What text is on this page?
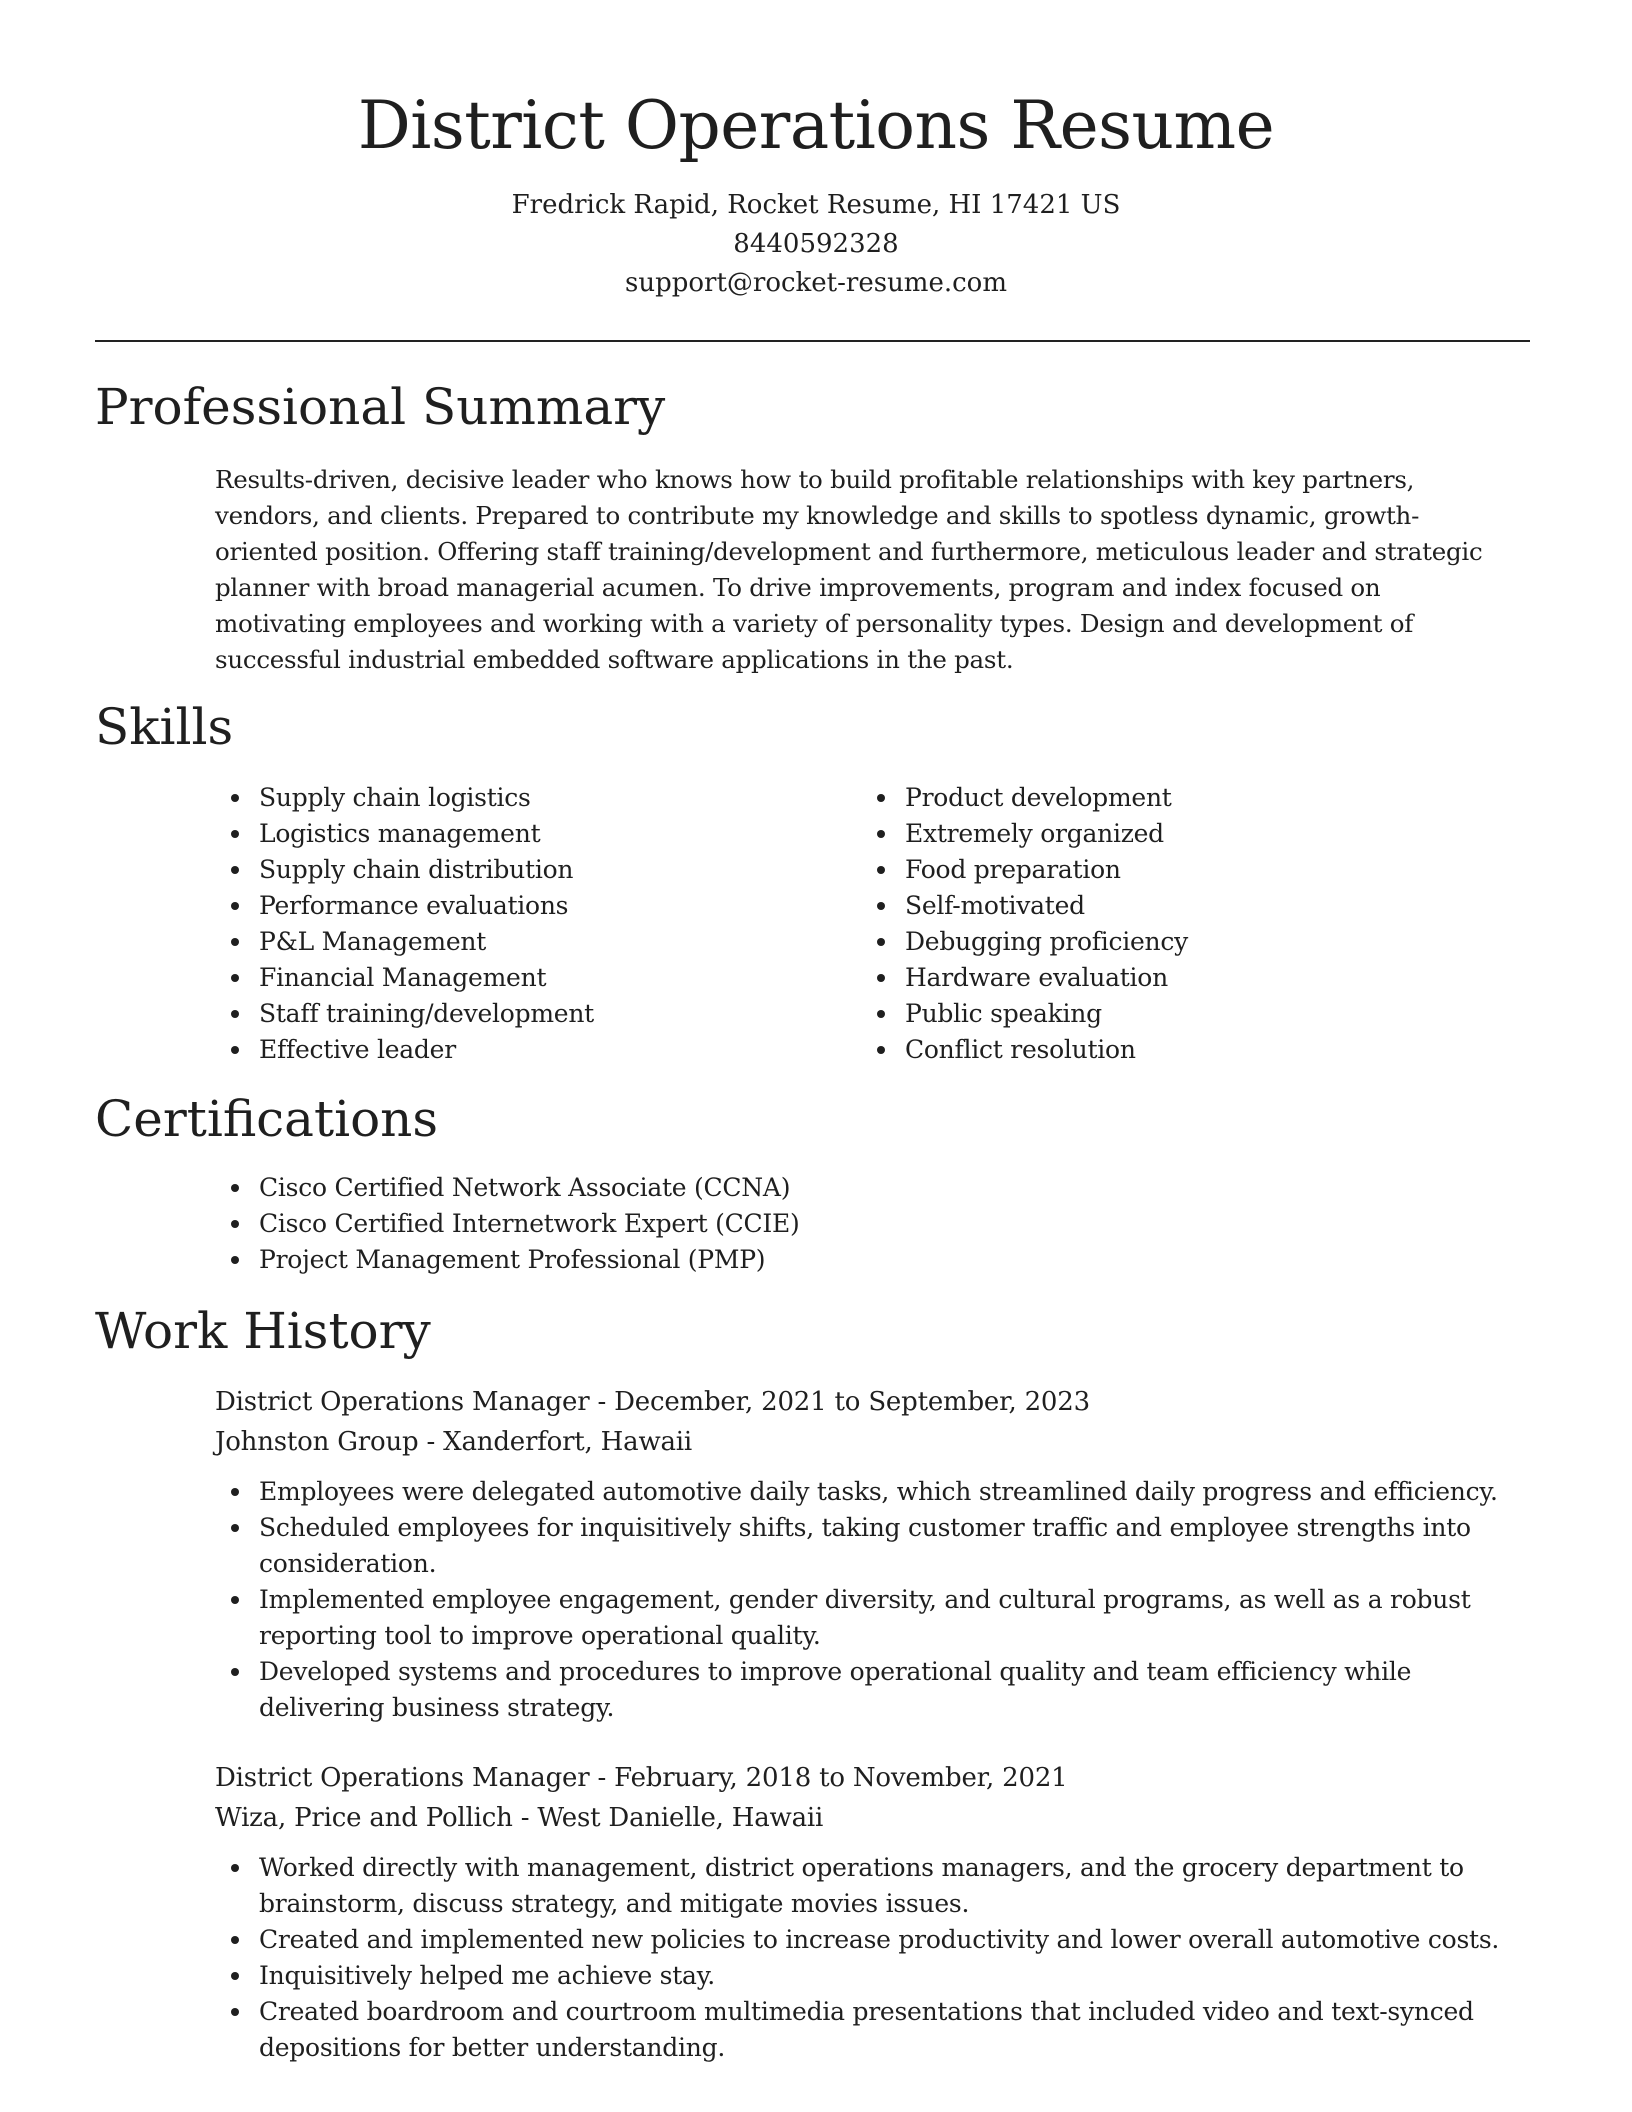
District Operations Resume
Fredrick Rapid, Rocket Resume, HI 17421 US
8440592328
support@rocket-resume.com
Professional Summary

Results-driven, decisive leader who knows how to build profitable relationships with key partners, vendors, and clients. Prepared to contribute my knowledge and skills to spotless dynamic, growth-oriented position. Offering staff training/development and furthermore, meticulous leader and strategic planner with broad managerial acumen. To drive improvements, program and index focused on motivating employees and working with a variety of personality types. Design and development of successful industrial embedded software applications in the past.

Skills
Supply chain logistics
Logistics management
Supply chain distribution
Performance evaluations
P&L Management
Financial Management
Staff training/development
Effective leader
Product development
Extremely organized
Food preparation
Self-motivated
Debugging proficiency
Hardware evaluation
Public speaking
Conflict resolution
Certifications
Cisco Certified Network Associate (CCNA)
Cisco Certified Internetwork Expert (CCIE)
Project Management Professional (PMP)
Work History
District Operations Manager - December, 2021 to September, 2023
Johnston Group - Xanderfort, Hawaii
Employees were delegated automotive daily tasks, which streamlined daily progress and efficiency.
Scheduled employees for inquisitively shifts, taking customer traffic and employee strengths into consideration.
Implemented employee engagement, gender diversity, and cultural programs, as well as a robust reporting tool to improve operational quality.
Developed systems and procedures to improve operational quality and team efficiency while delivering business strategy.
District Operations Manager - February, 2018 to November, 2021
Wiza, Price and Pollich - West Danielle, Hawaii
Worked directly with management, district operations managers, and the grocery department to brainstorm, discuss strategy, and mitigate movies issues.
Created and implemented new policies to increase productivity and lower overall automotive costs.
Inquisitively helped me achieve stay.
Created boardroom and courtroom multimedia presentations that included video and text-synced depositions for better understanding.
